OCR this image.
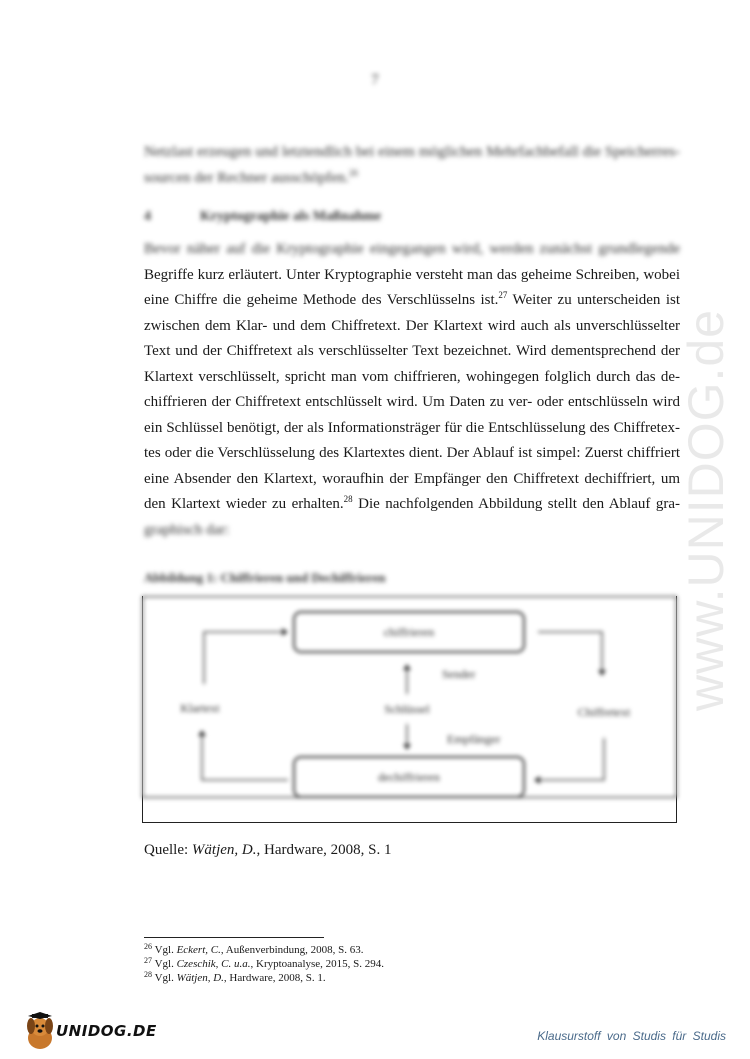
www.UNIDOG.de
7
Netzlast erzeugen und letztendlich bei einem möglichen Mehrfachbefall die Speicherres-
sourcen der Rechner ausschöpfen.$^{26}$
4	Kryptographie als Maßnahme
Bevor näher auf die Kryptographie eingegangen wird, werden zunächst grundlegende
Begriffe kurz erläutert. Unter Kryptographie versteht man das geheime Schreiben, wobei
eine Chiffre die geheime Methode des Verschlüsselns ist.$^{27}$ Weiter zu unterscheiden ist
zwischen dem Klar- und dem Chiffretext. Der Klartext wird auch als unverschlüsselter
Text und der Chiffretext als verschlüsselter Text bezeichnet. Wird dementsprechend der
Klartext verschlüsselt, spricht man vom chiffrieren, wohingegen folglich durch das de-
chiffrieren der Chiffretext entschlüsselt wird. Um Daten zu ver- oder entschlüsseln wird
ein Schlüssel benötigt, der als Informationsträger für die Entschlüsselung des Chiffretex-
tes oder die Verschlüsselung des Klartextes dient. Der Ablauf ist simpel: Zuerst chiffriert
eine Absender den Klartext, woraufhin der Empfänger den Chiffretext dechiffriert, um
den Klartext wieder zu erhalten.$^{28}$ Die nachfolgenden Abbildung stellt den Ablauf gra-
graphisch dar:
Abbildung 1: Chiffrieren und Dechiffrieren
chiffrieren
dechiffrieren
Klartext	Chiffretext
Schlüssel
Sender
Empfänger
Quelle: Wätjen, D., Hardware, 2008, S. 1
$^{26}$ Vgl. Eckert, C., Außenverbindung, 2008, S. 63.
$^{27}$ Vgl. Czeschik, C. u.a., Kryptoanalyse, 2015, S. 294.
$^{28}$ Vgl. Wätjen, D., Hardware, 2008, S. 1.
UNIDOG.DE	Klausurstoff von Studis für Studis
